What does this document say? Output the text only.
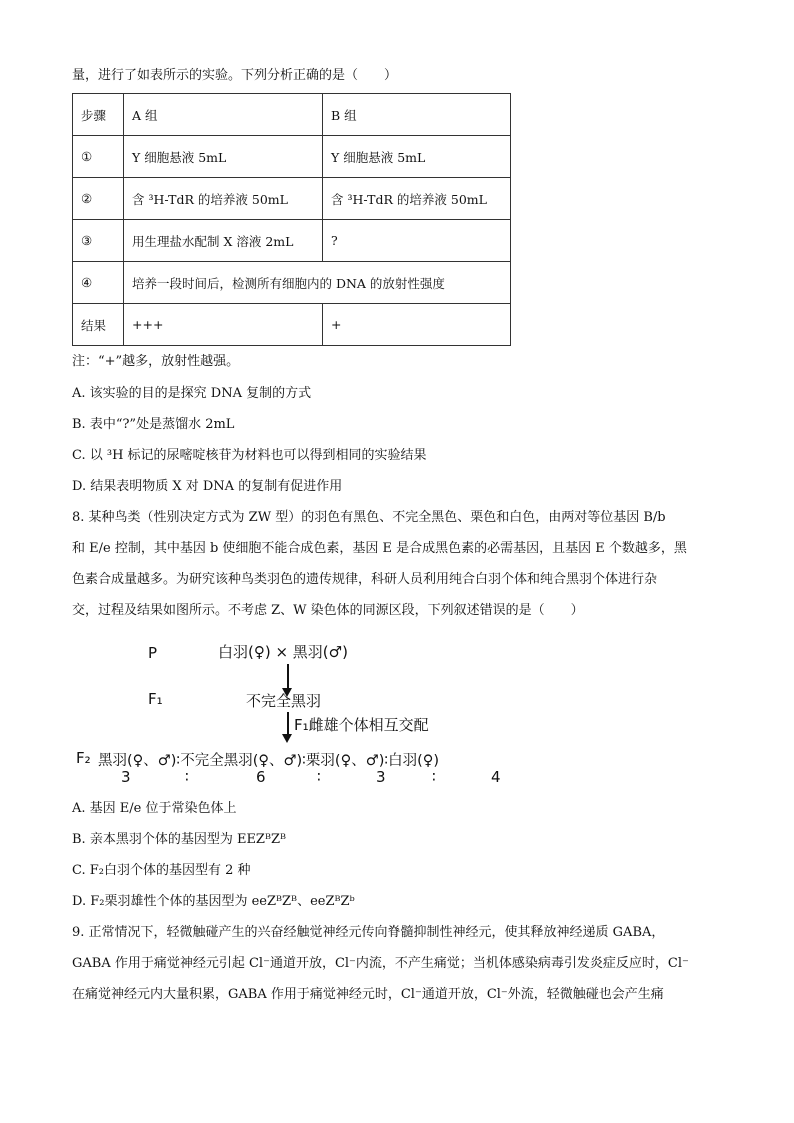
量，进行了如表所示的实验。下列分析正确的是（　　）
步骤	A 组	B 组
①	Y 细胞悬液 5mL	Y 细胞悬液 5mL
②	含 ³H-TdR 的培养液 50mL	含 ³H-TdR 的培养液 50mL
③	用生理盐水配制 X 溶液 2mL	?
④	培养一段时间后，检测所有细胞内的 DNA 的放射性强度	
结果	+++	+
注：“+”越多，放射性越强。
A. 该实验的目的是探究 DNA 复制的方式
B. 表中“?”处是蒸馏水 2mL
C. 以 ³H 标记的尿嘧啶核苷为材料也可以得到相同的实验结果
D. 结果表明物质 X 对 DNA 的复制有促进作用
8. 某种鸟类（性别决定方式为 ZW 型）的羽色有黑色、不完全黑色、栗色和白色，由两对等位基因 B/b
和 E/e 控制，其中基因 b 使细胞不能合成色素，基因 E 是合成黑色素的必需基因，且基因 E 个数越多，黑
色素合成量越多。为研究该种鸟类羽色的遗传规律，科研人员利用纯合白羽个体和纯合黑羽个体进行杂
交，过程及结果如图所示。不考虑 Z、W 染色体的同源区段，下列叙述错误的是（　　）
P	白羽(♀) × 黑羽(♂)
F₁	不完全黑羽
F₁雌雄个体相互交配
F₂ 黑羽(♀、♂)∶不完全黑羽(♀、♂)∶栗羽(♀、♂)∶白羽(♀)
3	∶	6	∶	3	∶	4
A. 基因 E/e 位于常染色体上
B. 亲本黑羽个体的基因型为 EEZᴮZᴮ
C. F₂白羽个体的基因型有 2 种
D. F₂栗羽雄性个体的基因型为 eeZᴮZᴮ、eeZᴮZᵇ
9. 正常情况下，轻微触碰产生的兴奋经触觉神经元传向脊髓抑制性神经元，使其释放神经递质 GABA，
GABA 作用于痛觉神经元引起 Cl⁻通道开放，Cl⁻内流，不产生痛觉；当机体感染病毒引发炎症反应时，Cl⁻
在痛觉神经元内大量积累，GABA 作用于痛觉神经元时，Cl⁻通道开放，Cl⁻外流，轻微触碰也会产生痛
